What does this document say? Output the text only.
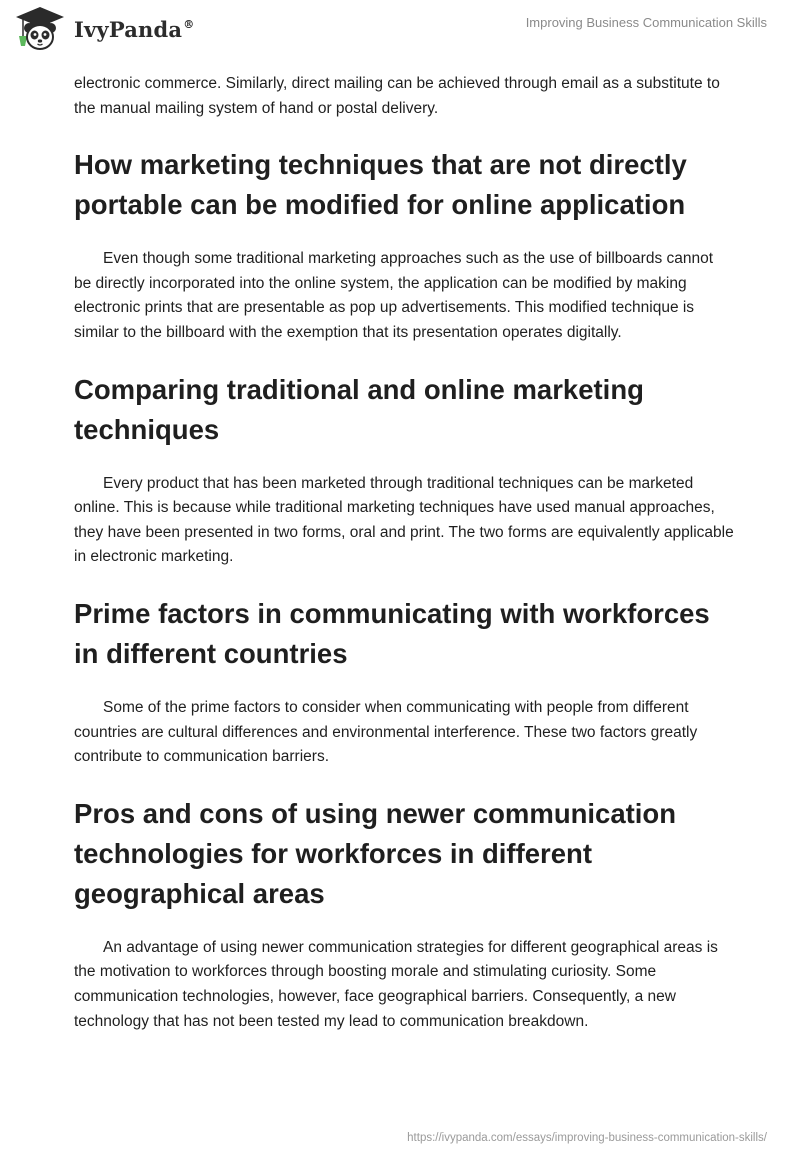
IvyPanda®	Improving Business Communication Skills

electronic commerce. Similarly, direct mailing can be achieved through email as a substitute to the manual mailing system of hand or postal delivery.

How marketing techniques that are not directly portable can be modified for online application

Even though some traditional marketing approaches such as the use of billboards cannot be directly incorporated into the online system, the application can be modified by making electronic prints that are presentable as pop up advertisements. This modified technique is similar to the billboard with the exemption that its presentation operates digitally.

Comparing traditional and online marketing techniques

Every product that has been marketed through traditional techniques can be marketed online. This is because while traditional marketing techniques have used manual approaches, they have been presented in two forms, oral and print. The two forms are equivalently applicable in electronic marketing.

Prime factors in communicating with workforces in different countries

Some of the prime factors to consider when communicating with people from different countries are cultural differences and environmental interference. These two factors greatly contribute to communication barriers.

Pros and cons of using newer communication technologies for workforces in different geographical areas

An advantage of using newer communication strategies for different geographical areas is the motivation to workforces through boosting morale and stimulating curiosity. Some communication technologies, however, face geographical barriers. Consequently, a new technology that has not been tested my lead to communication breakdown.

https://ivypanda.com/essays/improving-business-communication-skills/
